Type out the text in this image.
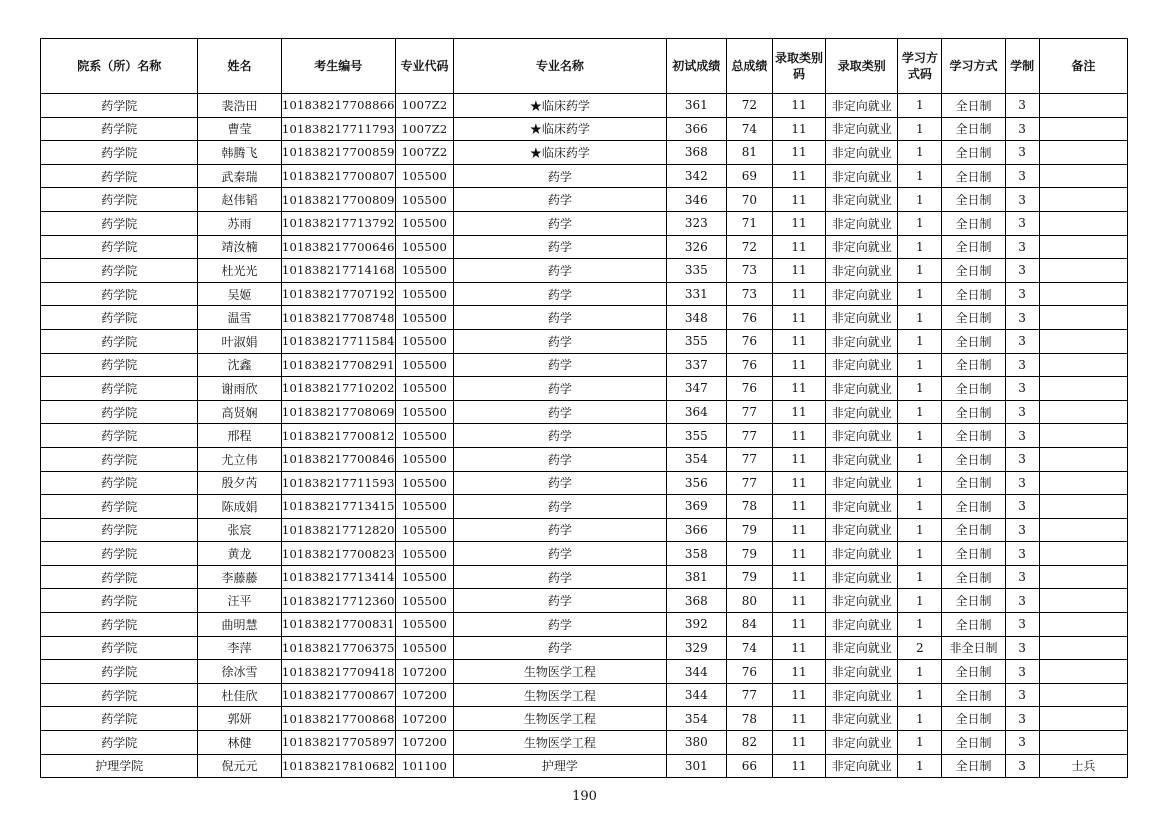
院系（所）名称	姓名	考生编号	专业代码	专业名称	初试成绩	总成绩	录取类别码	录取类别	学习方式码	学习方式	学制	备注
药学院	裴浩田	101838217708866	1007Z2	★临床药学	361	72	11	非定向就业	1	全日制	3	
药学院	曹莹	101838217711793	1007Z2	★临床药学	366	74	11	非定向就业	1	全日制	3	
药学院	韩腾飞	101838217700859	1007Z2	★临床药学	368	81	11	非定向就业	1	全日制	3	
药学院	武秦瑞	101838217700807	105500	药学	342	69	11	非定向就业	1	全日制	3	
药学院	赵伟韬	101838217700809	105500	药学	346	70	11	非定向就业	1	全日制	3	
药学院	苏雨	101838217713792	105500	药学	323	71	11	非定向就业	1	全日制	3	
药学院	靖汝楠	101838217700646	105500	药学	326	72	11	非定向就业	1	全日制	3	
药学院	杜光光	101838217714168	105500	药学	335	73	11	非定向就业	1	全日制	3	
药学院	吴姬	101838217707192	105500	药学	331	73	11	非定向就业	1	全日制	3	
药学院	温雪	101838217708748	105500	药学	348	76	11	非定向就业	1	全日制	3	
药学院	叶淑娟	101838217711584	105500	药学	355	76	11	非定向就业	1	全日制	3	
药学院	沈鑫	101838217708291	105500	药学	337	76	11	非定向就业	1	全日制	3	
药学院	谢雨欣	101838217710202	105500	药学	347	76	11	非定向就业	1	全日制	3	
药学院	高贤娴	101838217708069	105500	药学	364	77	11	非定向就业	1	全日制	3	
药学院	邢程	101838217700812	105500	药学	355	77	11	非定向就业	1	全日制	3	
药学院	尤立伟	101838217700846	105500	药学	354	77	11	非定向就业	1	全日制	3	
药学院	殷夕芮	101838217711593	105500	药学	356	77	11	非定向就业	1	全日制	3	
药学院	陈成娟	101838217713415	105500	药学	369	78	11	非定向就业	1	全日制	3	
药学院	张宸	101838217712820	105500	药学	366	79	11	非定向就业	1	全日制	3	
药学院	黄龙	101838217700823	105500	药学	358	79	11	非定向就业	1	全日制	3	
药学院	李藤藤	101838217713414	105500	药学	381	79	11	非定向就业	1	全日制	3	
药学院	汪平	101838217712360	105500	药学	368	80	11	非定向就业	1	全日制	3	
药学院	曲明慧	101838217700831	105500	药学	392	84	11	非定向就业	1	全日制	3	
药学院	李萍	101838217706375	105500	药学	329	74	11	非定向就业	2	非全日制	3	
药学院	徐冰雪	101838217709418	107200	生物医学工程	344	76	11	非定向就业	1	全日制	3	
药学院	杜佳欣	101838217700867	107200	生物医学工程	344	77	11	非定向就业	1	全日制	3	
药学院	郭妍	101838217700868	107200	生物医学工程	354	78	11	非定向就业	1	全日制	3	
药学院	林健	101838217705897	107200	生物医学工程	380	82	11	非定向就业	1	全日制	3	
护理学院	倪元元	101838217810682	101100	护理学	301	66	11	非定向就业	1	全日制	3	士兵
190
